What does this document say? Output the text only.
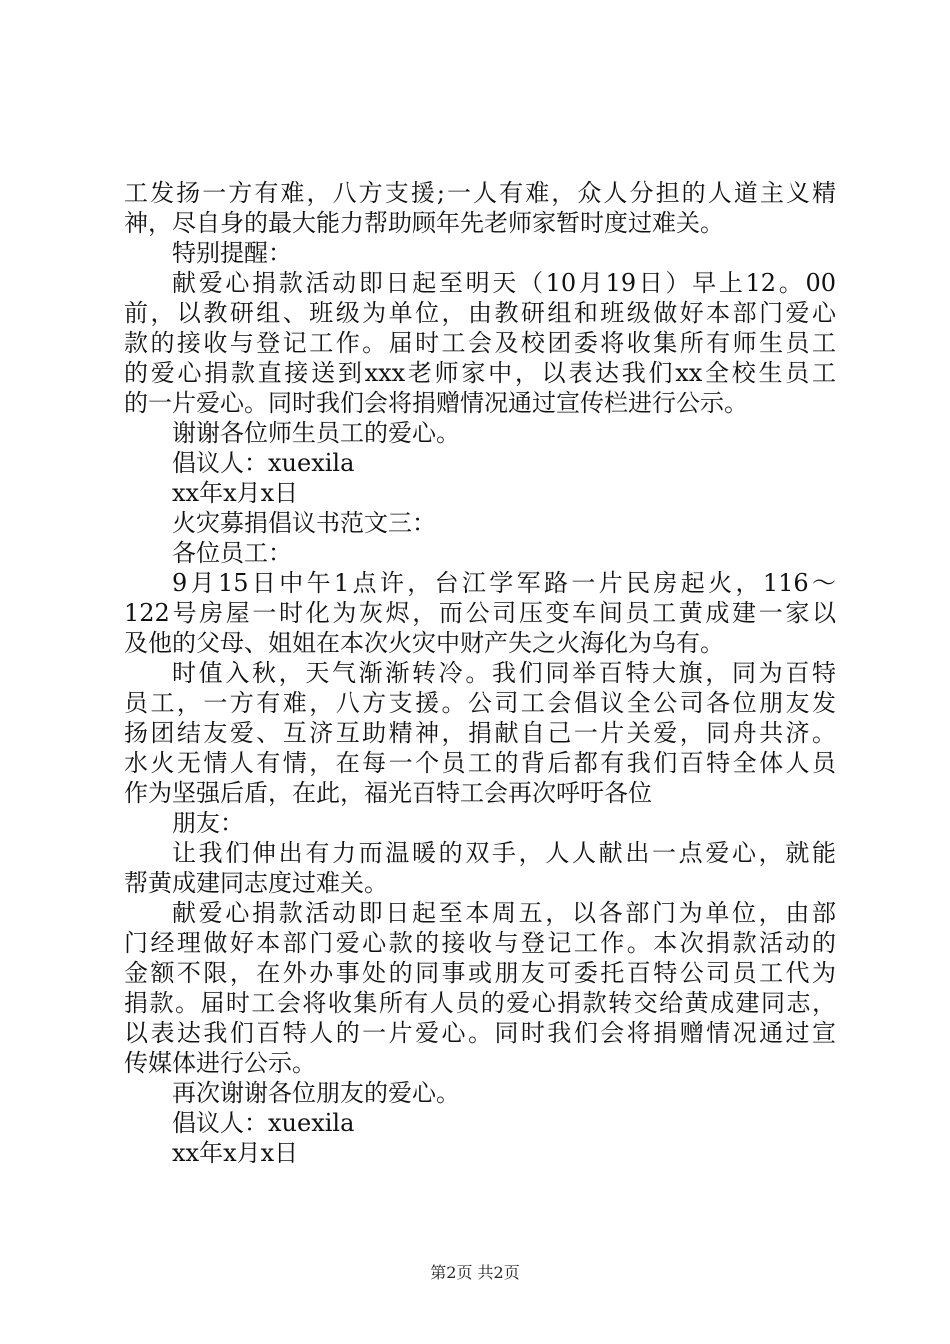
工发扬一方有难，八方支援;一人有难，众人分担的人道主义精
神，尽自身的最大能力帮助顾年先老师家暂时度过难关。
特别提醒：
献爱心捐款活动即日起至明天（10月19日）早上12。00
前，以教研组、班级为单位，由教研组和班级做好本部门爱心
款的接收与登记工作。届时工会及校团委将收集所有师生员工
的爱心捐款直接送到xxx老师家中，以表达我们xx全校生员工
的一片爱心。同时我们会将捐赠情况通过宣传栏进行公示。
谢谢各位师生员工的爱心。
倡议人：xuexila
xx年x月x日
火灾募捐倡议书范文三：
各位员工：
9月15日中午1点许，台江学军路一片民房起火，116～
122号房屋一时化为灰烬，而公司压变车间员工黄成建一家以
及他的父母、姐姐在本次火灾中财产失之火海化为乌有。
时值入秋，天气渐渐转冷。我们同举百特大旗，同为百特
员工，一方有难，八方支援。公司工会倡议全公司各位朋友发
扬团结友爱、互济互助精神，捐献自己一片关爱，同舟共济。
水火无情人有情，在每一个员工的背后都有我们百特全体人员
作为坚强后盾，在此，福光百特工会再次呼吁各位
朋友：
让我们伸出有力而温暖的双手，人人献出一点爱心，就能
帮黄成建同志度过难关。
献爱心捐款活动即日起至本周五，以各部门为单位，由部
门经理做好本部门爱心款的接收与登记工作。本次捐款活动的
金额不限，在外办事处的同事或朋友可委托百特公司员工代为
捐款。届时工会将收集所有人员的爱心捐款转交给黄成建同志，
以表达我们百特人的一片爱心。同时我们会将捐赠情况通过宣
传媒体进行公示。
再次谢谢各位朋友的爱心。
倡议人：xuexila
xx年x月x日
第2页 共2页
